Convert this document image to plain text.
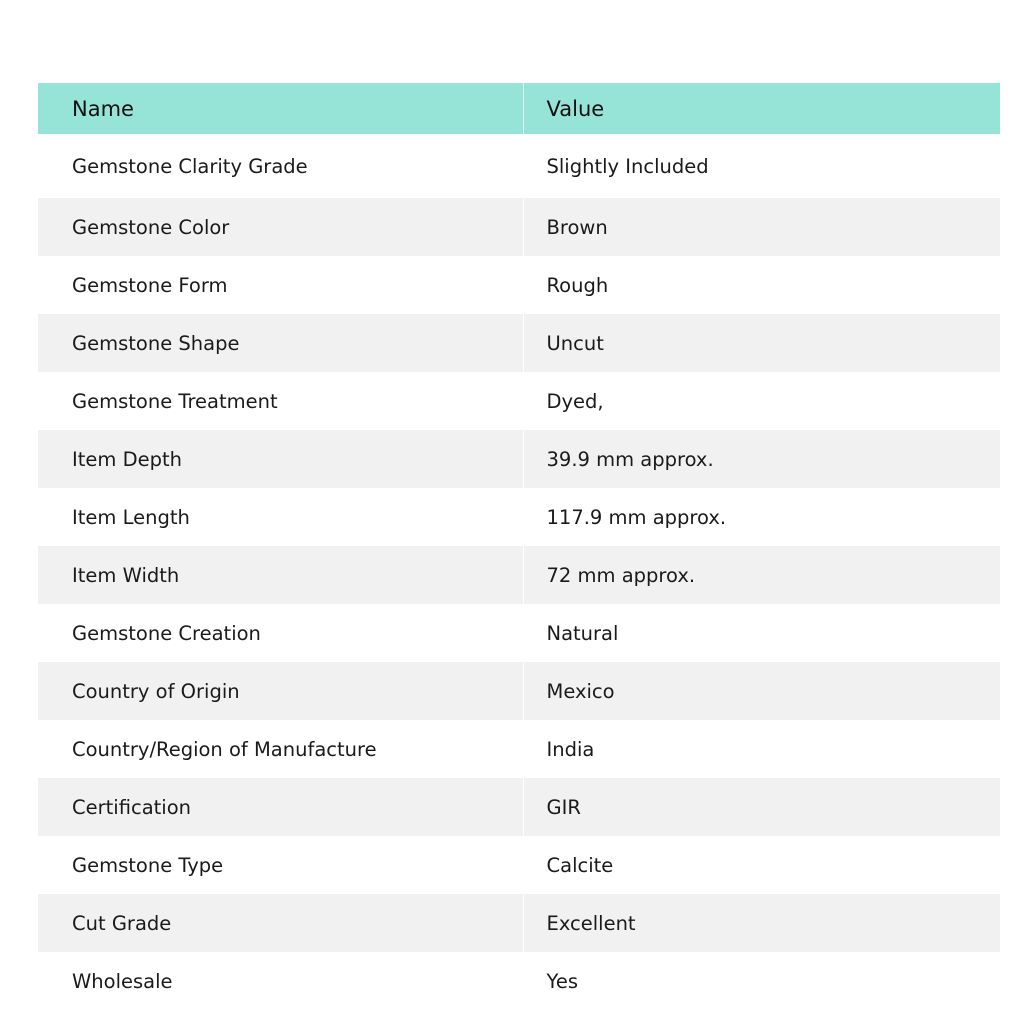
Name	Value
Gemstone Clarity Grade	Slightly Included
Gemstone Color	Brown
Gemstone Form	Rough
Gemstone Shape	Uncut
Gemstone Treatment	Dyed,
Item Depth	39.9 mm approx.
Item Length	117.9 mm approx.
Item Width	72 mm approx.
Gemstone Creation	Natural
Country of Origin	Mexico
Country/Region of Manufacture	India
Certification	GIR
Gemstone Type	Calcite
Cut Grade	Excellent
Wholesale	Yes
